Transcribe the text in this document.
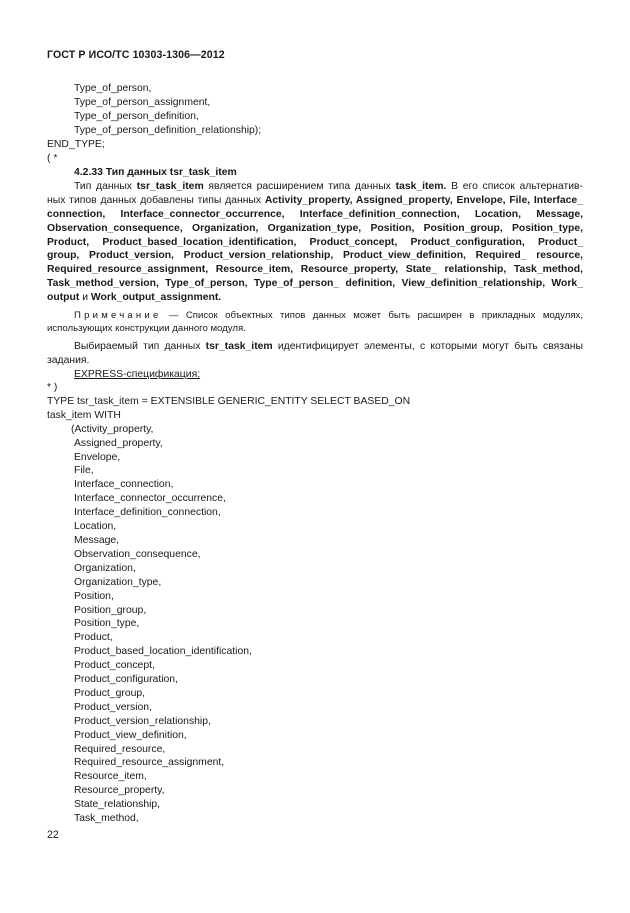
ГОСТ Р ИСО/ТС 10303-1306—2012
Type_of_person,
Type_of_person_assignment,
Type_of_person_definition,
Type_of_person_definition_relationship);
END_TYPE;
( *
4.2.33 Тип данных tsr_task_item
Тип данных tsr_task_item является расширением типа данных task_item. В его список альтернатив-
ных типов данных добавлены типы данных Activity_property, Assigned_property, Envelope, File, Interface_
connection, Interface_connector_occurrence, Interface_definition_connection, Location, Message,
Observation_consequence, Organization, Organization_type, Position, Position_group, Position_type,
Product, Product_based_location_identification, Product_concept, Product_configuration, Product_
group, Product_version, Product_version_relationship, Product_view_definition, Required_ resource,
Required_resource_assignment, Resource_item, Resource_property, State_ relationship, Task_method,
Task_method_version, Type_of_person, Type_of_person_ definition, View_definition_relationship, Work_
output и Work_output_assignment.
Примечание — Список объектных типов данных может быть расширен в прикладных модулях,
использующих конструкции данного модуля.
Выбираемый тип данных tsr_task_item идентифицирует элементы, с которыми могут быть связаны
задания.
EXPRESS-спецификация:
* )
TYPE tsr_task_item = EXTENSIBLE GENERIC_ENTITY SELECT BASED_ON
task_item WITH
(Activity_property,
Assigned_property,
Envelope,
File,
Interface_connection,
Interface_connector_occurrence,
Interface_definition_connection,
Location,
Message,
Observation_consequence,
Organization,
Organization_type,
Position,
Position_group,
Position_type,
Product,
Product_based_location_identification,
Product_concept,
Product_configuration,
Product_group,
Product_version,
Product_version_relationship,
Product_view_definition,
Required_resource,
Required_resource_assignment,
Resource_item,
Resource_property,
State_relationship,
Task_method,
22
